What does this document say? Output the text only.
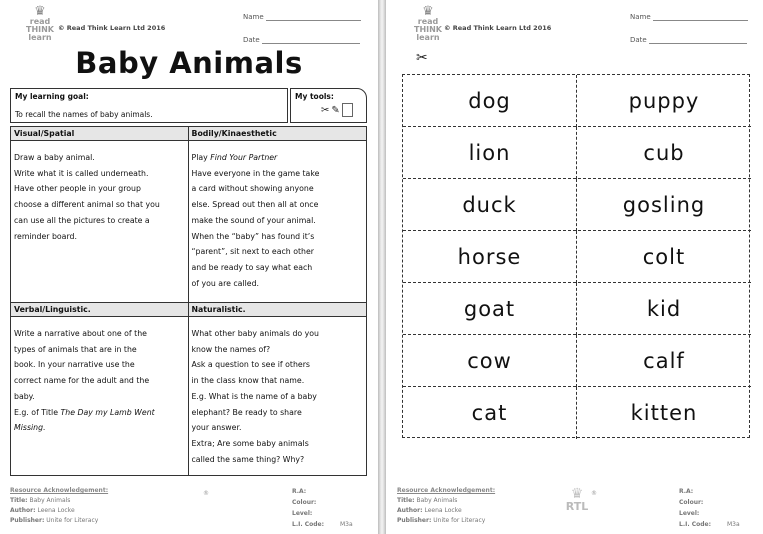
♛
read
THINK
learn
© Read Think Learn Ltd 2016
Name
Date
Baby Animals
My learning goal:
To recall the names of baby animals.
My tools:
✂ ✎
Visual/Spatial

Draw a baby animal.

Write what it is called underneath.

Have other people in your group

choose a different animal so that you

can use all the pictures to create a

reminder board.

Bodily/Kinaesthetic

Play Find Your Partner

Have everyone in the game take

a card without showing anyone

else. Spread out then all at once

make the sound of your animal.

When the “baby” has found it’s

“parent”, sit next to each other

and be ready to say what each

of you are called.

Verbal/Linguistic.

Write a narrative about one of the

types of animals that are in the

book. In your narrative use the

correct name for the adult and the

baby.

E.g. of Title The Day my Lamb Went

Missing.

Naturalistic.

What other baby animals do you

know the names of?

Ask a question to see if others

in the class know that name.

E.g. What is the name of a baby

elephant? Be ready to share

your answer.

Extra; Are some baby animals

called the same thing? Why?

Resource Acknowledgement:
Title: Baby Animals
Author: Leena Locke
Publisher: Unite for Literacy
®	R.A:
Colour:
Level:
L.I. Code:	M3a
♛
read
THINK
learn
✂
© Read Think Learn Ltd 2016
Name
Date
dog	puppy
lion	cub
duck	gosling
horse	colt
goat	kid
cow	calf
cat	kitten
Resource Acknowledgement:
Title: Baby Animals
Author: Leena Locke
Publisher: Unite for Literacy
♛
RTL
®	R.A:
Colour:
Level:
L.I. Code:	M3a
